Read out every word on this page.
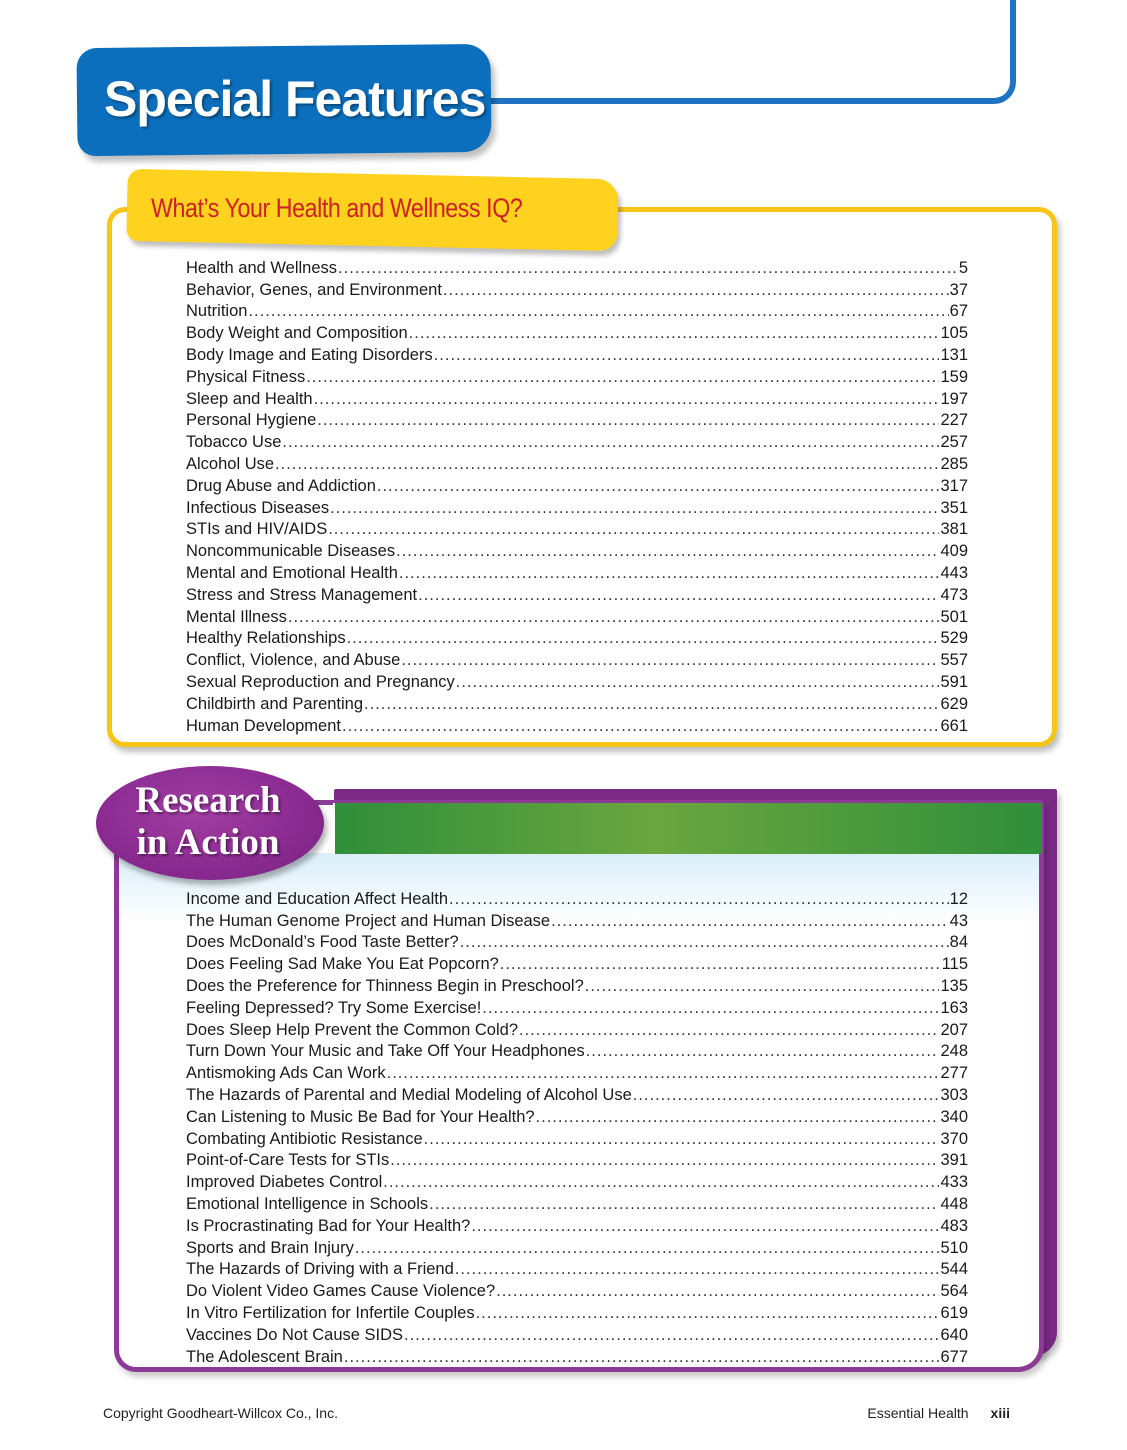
Special Features
What’s Your Health and Wellness IQ?
Health and Wellness .....	5
Behavior, Genes, and Environment .....	37
Nutrition .....	67
Body Weight and Composition .....	105
Body Image and Eating Disorders .....	131
Physical Fitness .....	159
Sleep and Health .....	197
Personal Hygiene .....	227
Tobacco Use .....	257
Alcohol Use .....	285
Drug Abuse and Addiction .....	317
Infectious Diseases .....	351
STIs and HIV/AIDS .....	381
Noncommunicable Diseases .....	409
Mental and Emotional Health .....	443
Stress and Stress Management .....	473
Mental Illness .....	501
Healthy Relationships .....	529
Conflict, Violence, and Abuse .....	557
Sexual Reproduction and Pregnancy .....	591
Childbirth and Parenting .....	629
Human Development .....	661
Research
in Action
Income and Education Affect Health .....	12
The Human Genome Project and Human Disease .....	43
Does McDonald’s Food Taste Better? .....	84
Does Feeling Sad Make You Eat Popcorn? .....	115
Does the Preference for Thinness Begin in Preschool? .....	135
Feeling Depressed? Try Some Exercise! .....	163
Does Sleep Help Prevent the Common Cold? .....	207
Turn Down Your Music and Take Off Your Headphones .....	248
Antismoking Ads Can Work .....	277
The Hazards of Parental and Medial Modeling of Alcohol Use .....	303
Can Listening to Music Be Bad for Your Health? .....	340
Combating Antibiotic Resistance .....	370
Point-of-Care Tests for STIs .....	391
Improved Diabetes Control .....	433
Emotional Intelligence in Schools .....	448
Is Procrastinating Bad for Your Health? .....	483
Sports and Brain Injury .....	510
The Hazards of Driving with a Friend .....	544
Do Violent Video Games Cause Violence? .....	564
In Vitro Fertilization for Infertile Couples .....	619
Vaccines Do Not Cause SIDS .....	640
The Adolescent Brain .....	677
Copyright Goodheart-Willcox Co., Inc.	Essential Health xiii
